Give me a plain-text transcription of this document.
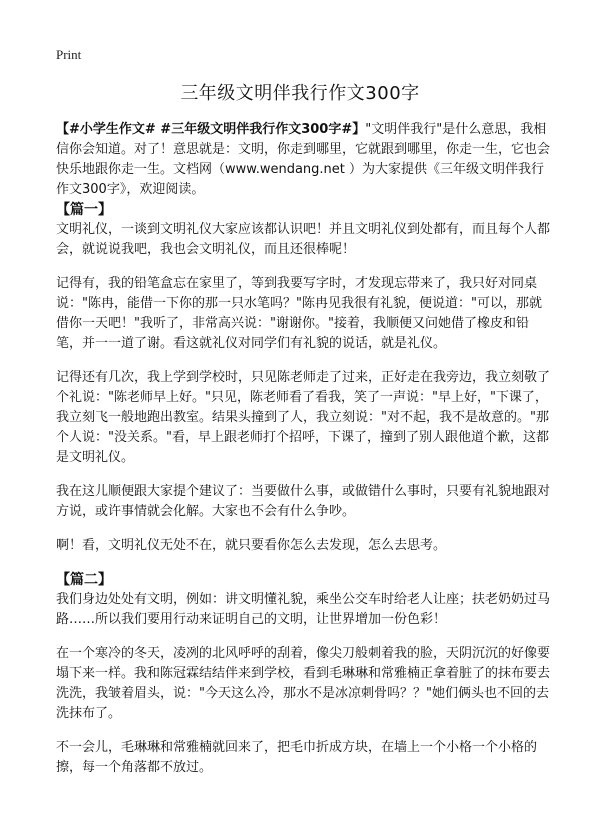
Print
三年级文明伴我行作文300字

【#小学生作文# #三年级文明伴我行作文300字#】"文明伴我行"是什么意思，我相信你会知道。对了！意思就是：文明，你走到哪里，它就跟到哪里，你走一生，它也会快乐地跟你走一生。文档网（www.wendang.net ）为大家提供《三年级文明伴我行作文300字》，欢迎阅读。

【篇一】

文明礼仪，一谈到文明礼仪大家应该都认识吧！并且文明礼仪到处都有，而且每个人都会，就说说我吧，我也会文明礼仪，而且还很棒呢！

记得有，我的铅笔盒忘在家里了，等到我要写字时，才发现忘带来了，我只好对同桌说："陈冉，能借一下你的那一只水笔吗？"陈冉见我很有礼貌，便说道："可以，那就借你一天吧！"我听了，非常高兴说："谢谢你。"接着，我顺便又问她借了橡皮和铅笔，并一一道了谢。看这就礼仪对同学们有礼貌的说话，就是礼仪。

记得还有几次，我上学到学校时，只见陈老师走了过来，正好走在我旁边，我立刻敬了个礼说："陈老师早上好。"只见，陈老师看了看我，笑了一声说："早上好，"下课了，我立刻飞一般地跑出教室。结果头撞到了人，我立刻说："对不起，我不是故意的。"那个人说："没关系。"看，早上跟老师打个招呼，下课了，撞到了别人跟他道个歉，这都是文明礼仪。

我在这儿顺便跟大家提个建议了：当要做什么事，或做错什么事时，只要有礼貌地跟对方说，或许事情就会化解。大家也不会有什么争吵。

啊！看，文明礼仪无处不在，就只要看你怎么去发现，怎么去思考。

【篇二】

我们身边处处有文明，例如：讲文明懂礼貌，乘坐公交车时给老人让座；扶老奶奶过马路……所以我们要用行动来证明自己的文明，让世界增加一份色彩！

在一个寒冷的冬天，凌冽的北风呼呼的刮着，像尖刀般刺着我的脸，天阴沉沉的好像要塌下来一样。我和陈冠霖结结伴来到学校，看到毛琳琳和常雅楠正拿着脏了的抹布要去洗洗，我皱着眉头，说："今天这么冷，那水不是冰凉刺骨吗？？"她们俩头也不回的去洗抹布了。

不一会儿，毛琳琳和常雅楠就回来了，把毛巾折成方块，在墙上一个小格一个小格的擦，每一个角落都不放过。
